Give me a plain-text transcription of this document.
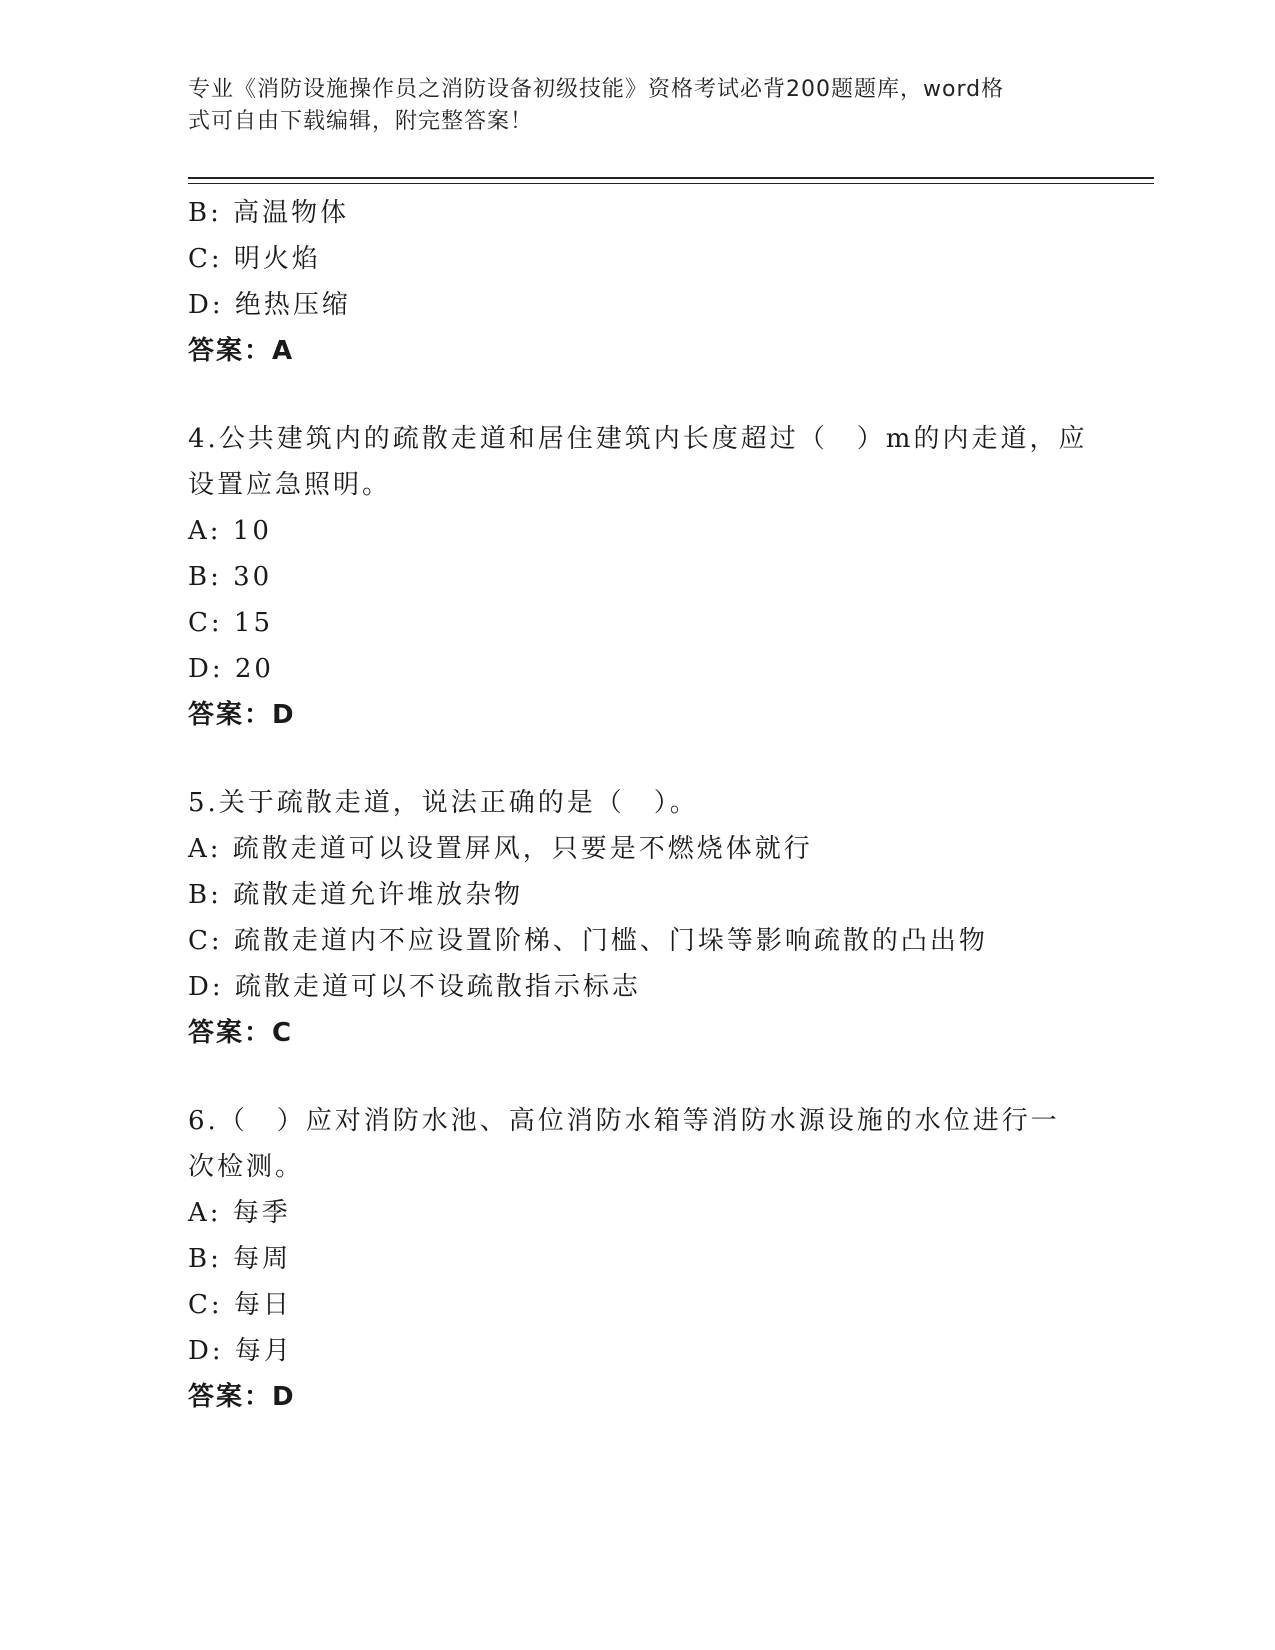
专业《消防设施操作员之消防设备初级技能》资格考试必背200题题库，word格
式可自由下载编辑，附完整答案！
B: 高温物体
C: 明火焰
D: 绝热压缩
答案：A
4.公共建筑内的疏散走道和居住建筑内长度超过（　）m的内走道，应
设置应急照明。
A: 10
B: 30
C: 15
D: 20
答案：D
5.关于疏散走道，说法正确的是（　）。
A: 疏散走道可以设置屏风，只要是不燃烧体就行
B: 疏散走道允许堆放杂物
C: 疏散走道内不应设置阶梯、门槛、门垛等影响疏散的凸出物
D: 疏散走道可以不设疏散指示标志
答案：C
6.（　）应对消防水池、高位消防水箱等消防水源设施的水位进行一
次检测。
A: 每季
B: 每周
C: 每日
D: 每月
答案：D
